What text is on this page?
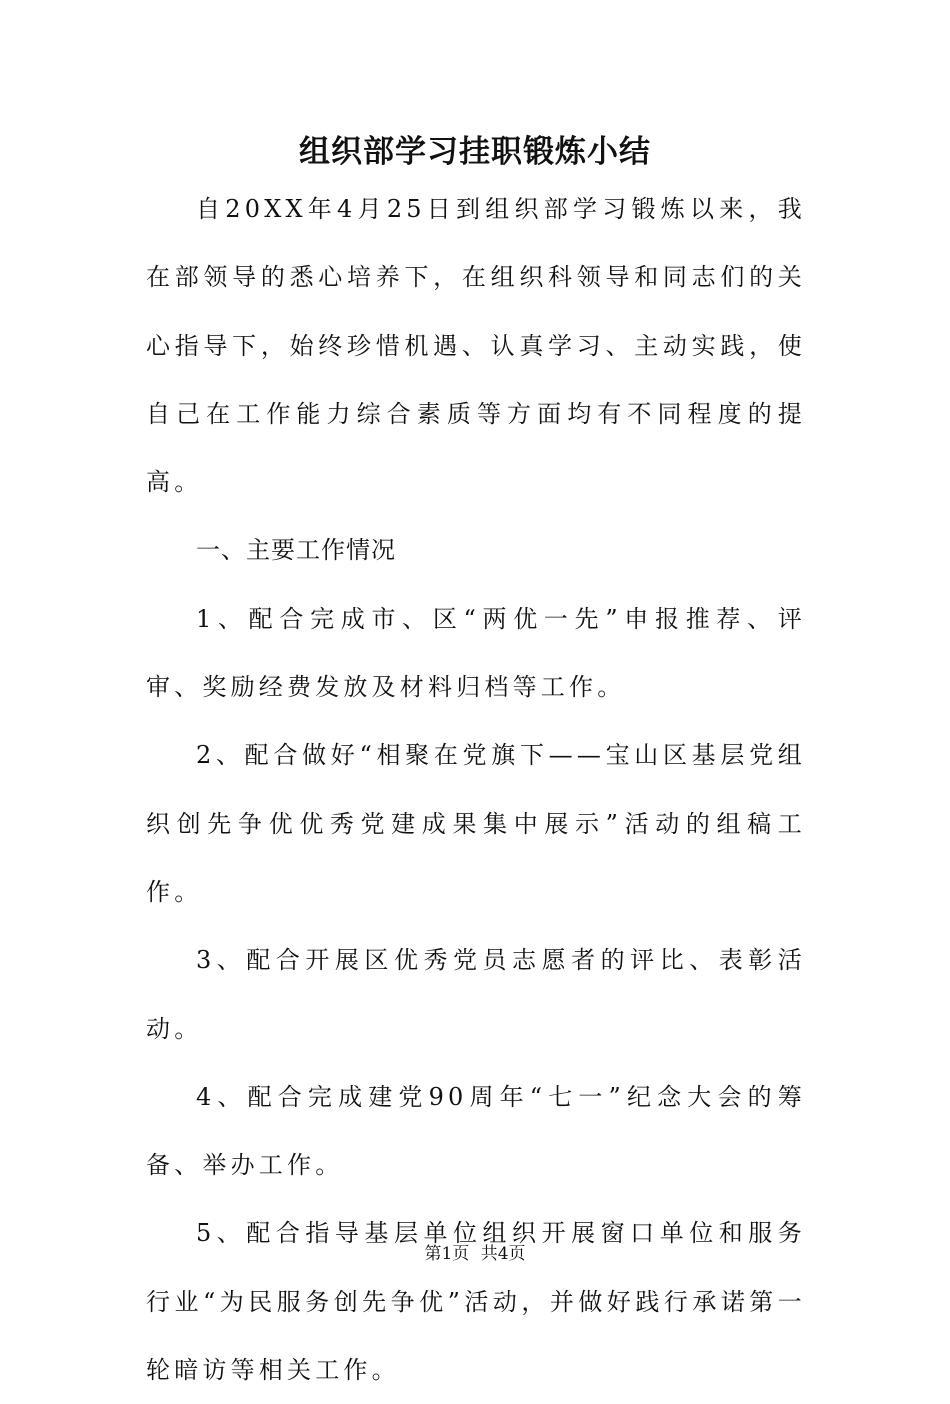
组织部学习挂职锻炼小结

自20XX年4月25日到组织部学习锻炼以来，我在部领导的悉心培养下，在组织科领导和同志们的关心指导下，始终珍惜机遇、认真学习、主动实践，使自己在工作能力综合素质等方面均有不同程度的提高。

一、主要工作情况

1、配合完成市、区“两优一先”申报推荐、评审、奖励经费发放及材料归档等工作。

2、配合做好“相聚在党旗下——宝山区基层党组织创先争优优秀党建成果集中展示”活动的组稿工作。

3、配合开展区优秀党员志愿者的评比、表彰活动。

4、配合完成建党90周年“七一”纪念大会的筹备、举办工作。

5、配合指导基层单位组织开展窗口单位和服务行业“为民服务创先争优”活动，并做好践行承诺第一轮暗访等相关工作。

第1页 共4页
